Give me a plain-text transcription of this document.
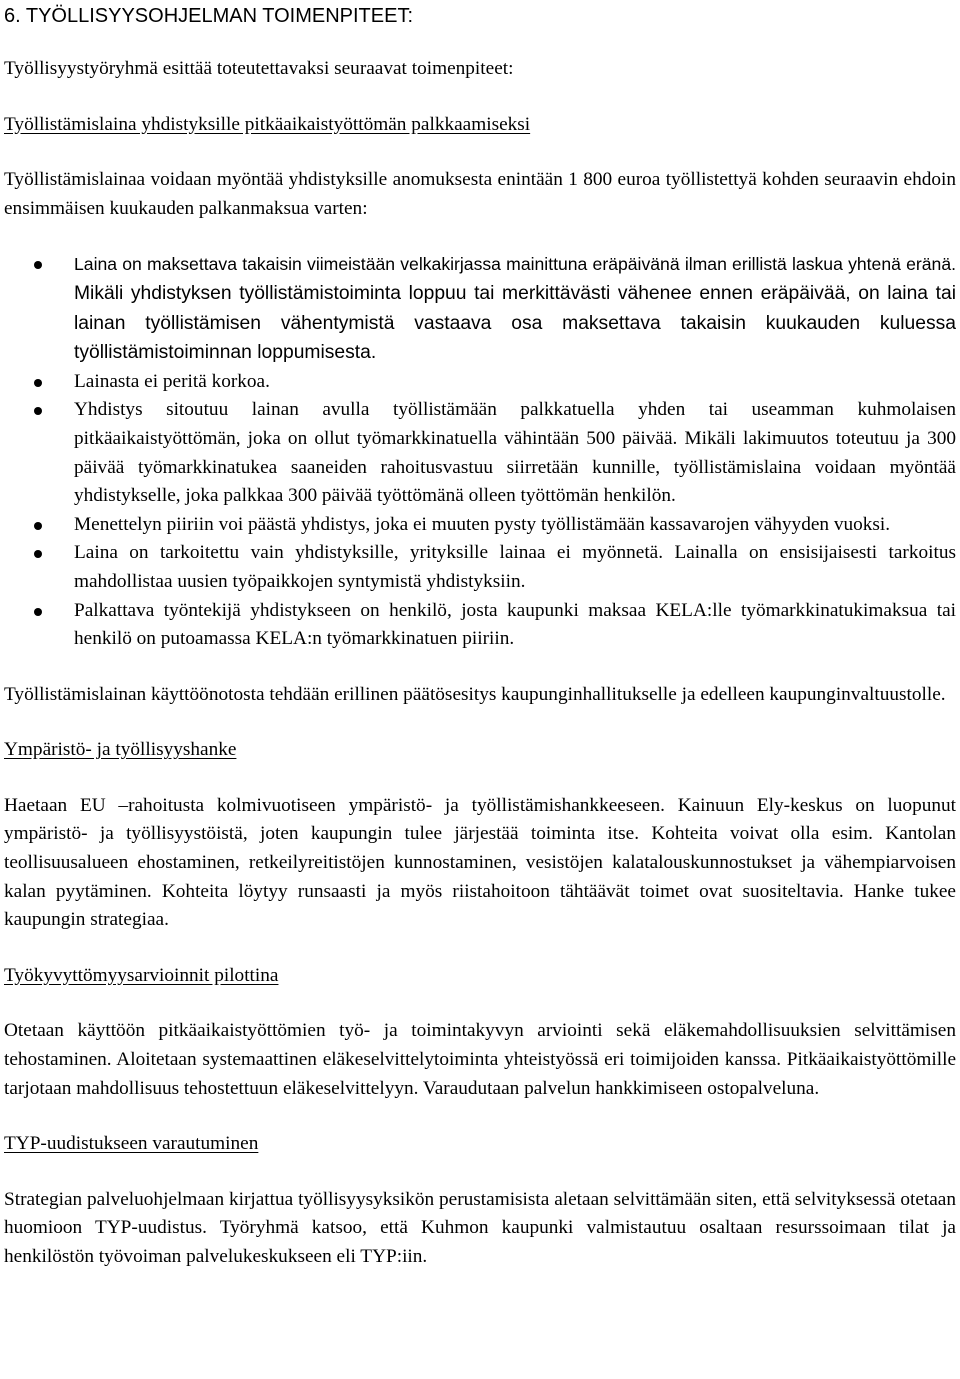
6. TYÖLLISYYSOHJELMAN TOIMENPITEET:

Työllisyystyöryhmä esittää toteutettavaksi seuraavat toimenpiteet:

Työllistämislaina yhdistyksille pitkäaikaistyöttömän palkkaamiseksi

Työllistämislainaa voidaan myöntää yhdistyksille anomuksesta enintään 1 800 euroa työllistettyä kohden seuraavin ehdoin ensimmäisen kuukauden palkanmaksua varten:

Laina on maksettava takaisin viimeistään velkakirjassa mainittuna eräpäivänä ilman erillistä laskua yhtenä eränä. Mikäli yhdistyksen työllistämistoiminta loppuu tai merkittävästi vähenee ennen eräpäivää, on laina tai lainan työllistämisen vähentymistä vastaava osa maksettava takaisin kuukauden kuluessa työllistämistoiminnan loppumisesta.
Lainasta ei peritä korkoa.
Yhdistys sitoutuu lainan avulla työllistämään palkkatuella yhden tai useamman kuhmolaisen pitkäaikaistyöttömän, joka on ollut työmarkkinatuella vähintään 500 päivää. Mikäli lakimuutos toteutuu ja 300 päivää työmarkkinatukea saaneiden rahoitusvastuu siirretään kunnille, työllistämislaina voidaan myöntää yhdistykselle, joka palkkaa 300 päivää työttömänä olleen työttömän henkilön.
Menettelyn piiriin voi päästä yhdistys, joka ei muuten pysty työllistämään kassavarojen vähyyden vuoksi.
Laina on tarkoitettu vain yhdistyksille, yrityksille lainaa ei myönnetä. Lainalla on ensisijaisesti tarkoitus mahdollistaa uusien työpaikkojen syntymistä yhdistyksiin.
Palkattava työntekijä yhdistykseen on henkilö, josta kaupunki maksaa KELA:lle työmarkkinatukimaksua tai henkilö on putoamassa KELA:n työmarkkinatuen piiriin.

Työllistämislainan käyttöönotosta tehdään erillinen päätösesitys kaupunginhallitukselle ja edelleen kaupunginvaltuustolle.

Ympäristö- ja työllisyyshanke

Haetaan EU –rahoitusta kolmivuotiseen ympäristö- ja työllistämishankkeeseen. Kainuun Ely-keskus on luopunut ympäristö- ja työllisyystöistä, joten kaupungin tulee järjestää toiminta itse. Kohteita voivat olla esim. Kantolan teollisuusalueen ehostaminen, retkeilyreitistöjen kunnostaminen, vesistöjen kalatalouskunnostukset ja vähempiarvoisen kalan pyytäminen. Kohteita löytyy runsaasti ja myös riistahoitoon tähtäävät toimet ovat suositeltavia. Hanke tukee kaupungin strategiaa.

Työkyvyttömyysarvioinnit pilottina

Otetaan käyttöön pitkäaikaistyöttömien työ- ja toimintakyvyn arviointi sekä eläkemahdollisuuksien selvittämisen tehostaminen. Aloitetaan systemaattinen eläkeselvittelytoiminta yhteistyössä eri toimijoiden kanssa. Pitkäaikaistyöttömille tarjotaan mahdollisuus tehostettuun eläkeselvittelyyn. Varaudutaan palvelun hankkimiseen ostopalveluna.

TYP-uudistukseen varautuminen

Strategian palveluohjelmaan kirjattua työllisyysyksikön perustamisista aletaan selvittämään siten, että selvityksessä otetaan huomioon TYP-uudistus. Työryhmä katsoo, että Kuhmon kaupunki valmistautuu osaltaan resurssoimaan tilat ja henkilöstön työvoiman palvelukeskukseen eli TYP:iin.
